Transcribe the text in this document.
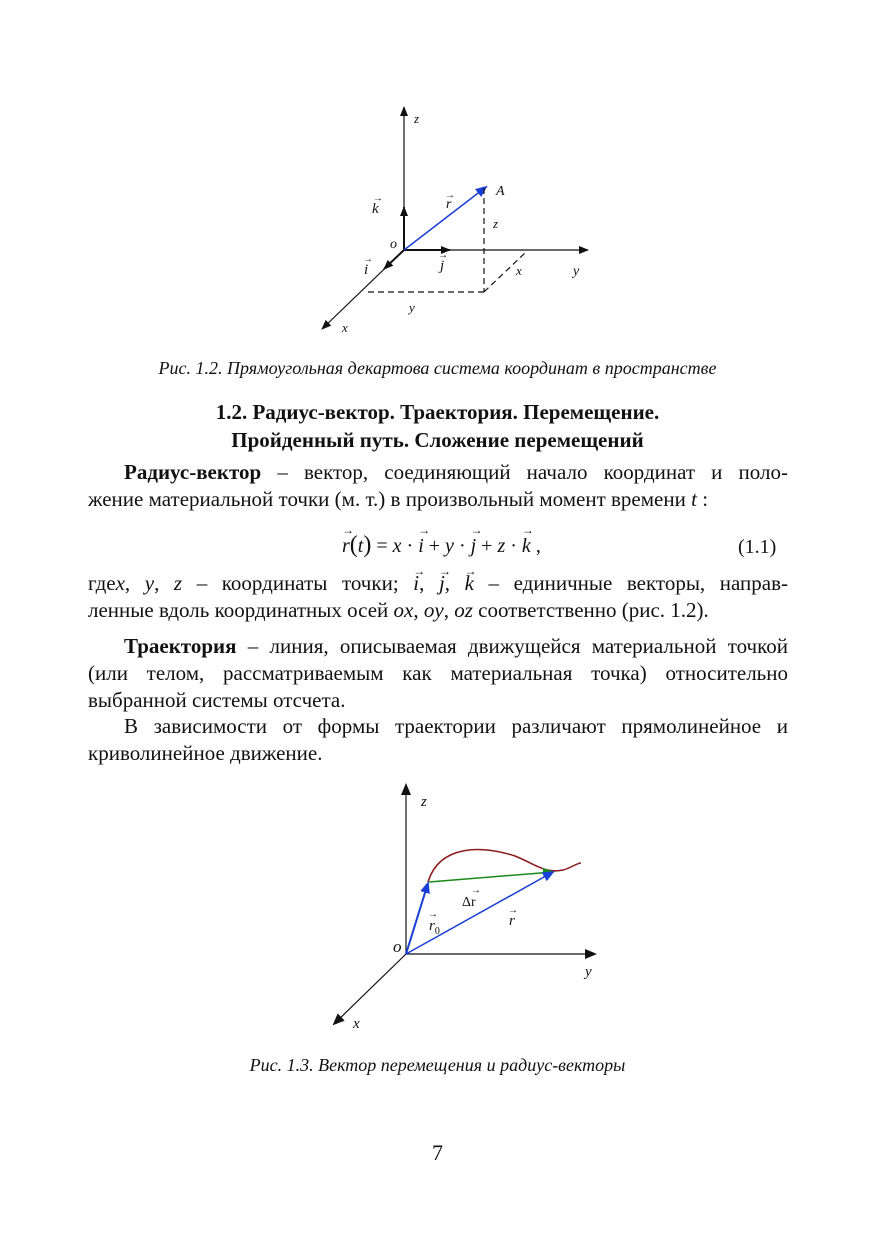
z
k
→	r
→	A
z
o
i
→	j
→
x	y
y
x
Рис. 1.2. Прямоугольная декартова система координат в пространстве
1.2. Радиус-вектор. Траектория. Перемещение.
Пройденный путь. Сложение перемещений
Радиус-вектор – вектор, соединяющий начало координат и поло-
жение материальной точки (м. т.) в произвольный момент времени t :
→ r(t) = x · → i + y · → j + z · → k ,	(1.1)
гдеx, y, z – координаты точки; → i, → j, → k – единичные векторы, направ-
ленные вдоль координатных осей ox, oy, oz соответственно (рис. 1.2).
Траектория – линия, описываемая движущейся материальной точкой (или телом, рассматриваемым как материальная точка) относительно выбранной системы отсчета.
В зависимости от формы траектории различают прямолинейное и криволинейное движение.
z
Δr
→
$r_0$
→	r
→
o
y
x
Рис. 1.3. Вектор перемещения и радиус-векторы
7
